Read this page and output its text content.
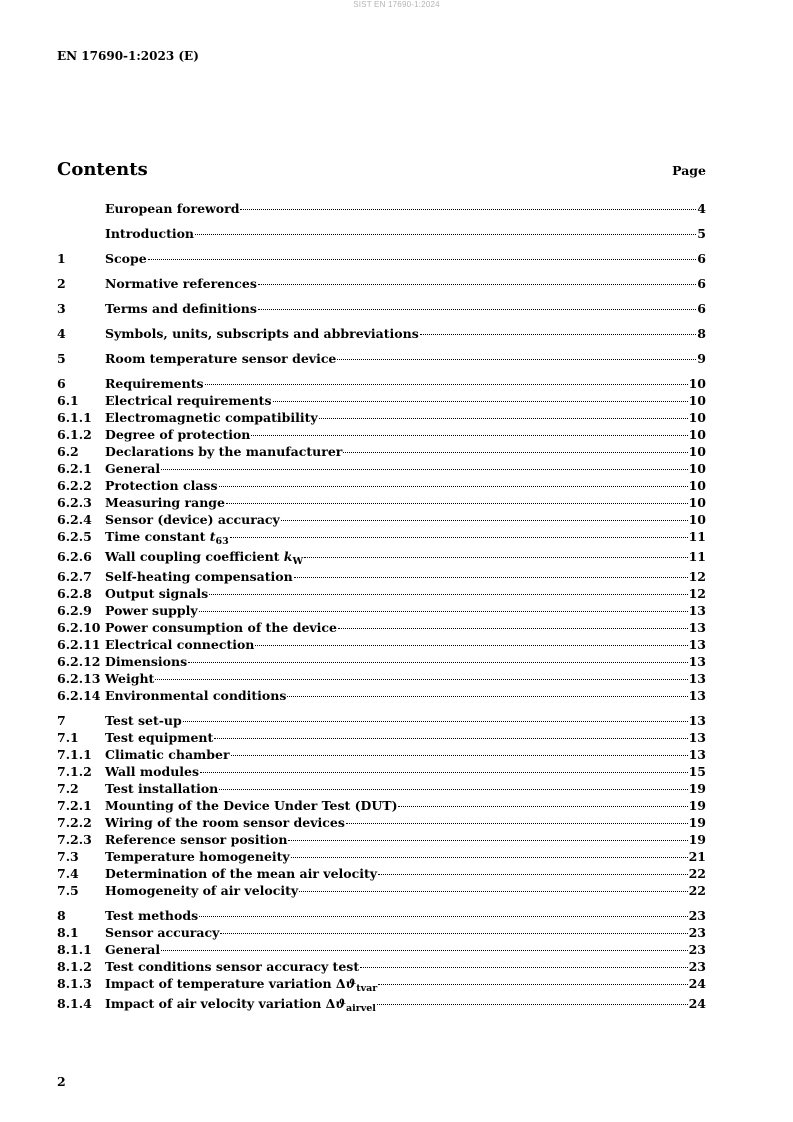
SIST EN 17690-1:2024
EN 17690-1:2023 (E)
Contents	Page
European foreword	4
Introduction	5
1	Scope	6
2	Normative references	6
3	Terms and definitions	6
4	Symbols, units, subscripts and abbreviations	8
5	Room temperature sensor device	9
6	Requirements	10
6.1	Electrical requirements	10
6.1.1	Electromagnetic compatibility	10
6.1.2	Degree of protection	10
6.2	Declarations by the manufacturer	10
6.2.1	General	10
6.2.2	Protection class	10
6.2.3	Measuring range	10
6.2.4	Sensor (device) accuracy	10
6.2.5	Time constant $t_{63}$	11
6.2.6	Wall coupling coefficient $k_W$	11
6.2.7	Self-heating compensation	12
6.2.8	Output signals	12
6.2.9	Power supply	13
6.2.10 Power consumption of the device	13
6.2.11 Electrical connection	13
6.2.12 Dimensions	13
6.2.13 Weight	13
6.2.14 Environmental conditions	13
7	Test set-up	13
7.1	Test equipment	13
7.1.1	Climatic chamber	13
7.1.2	Wall modules	15
7.2	Test installation	19
7.2.1	Mounting of the Device Under Test (DUT)	19
7.2.2	Wiring of the room sensor devices	19
7.2.3	Reference sensor position	19
7.3	Temperature homogeneity	21
7.4	Determination of the mean air velocity	22
7.5	Homogeneity of air velocity	22
8	Test methods	23
8.1	Sensor accuracy	23
8.1.1	General	23
8.1.2	Test conditions sensor accuracy test	23
8.1.3	Impact of temperature variation $\Delta ϑ_{tvar}$	24
8.1.4	Impact of air velocity variation $\Delta ϑ_{airvel}$	24
2
